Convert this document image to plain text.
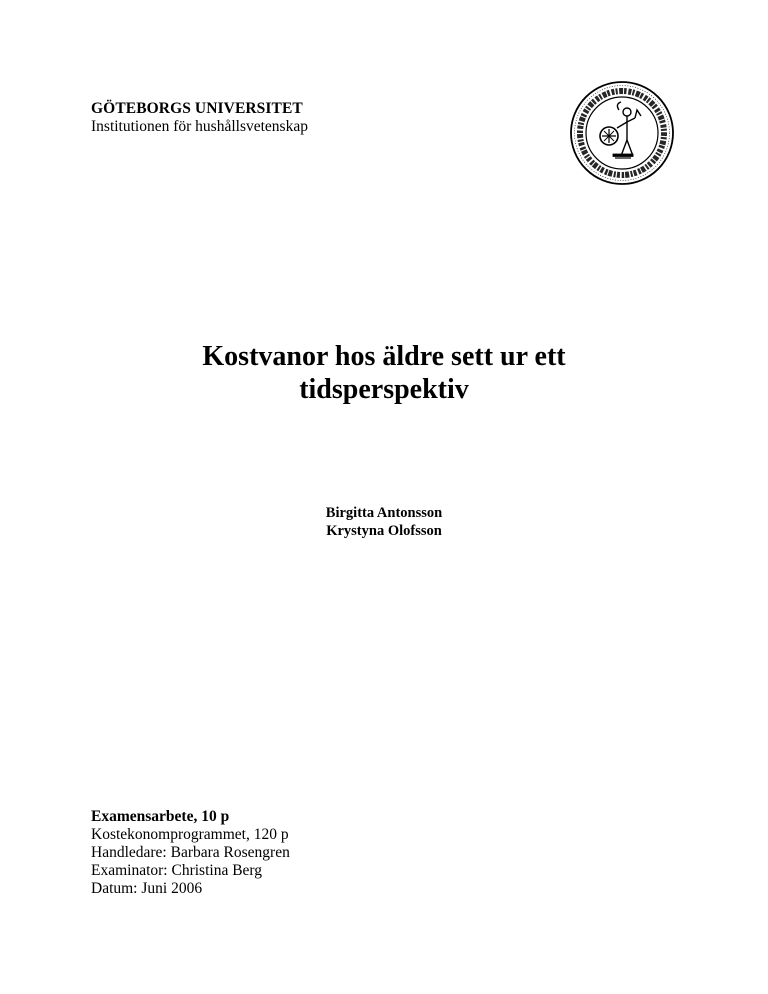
GÖTEBORGS UNIVERSITET
Institutionen för hushållsvetenskap
Kostvanor hos äldre sett ur ett
tidsperspektiv
Birgitta Antonsson
Krystyna Olofsson
Examensarbete, 10 p
Kostekonomprogrammet, 120 p
Handledare: Barbara Rosengren
Examinator: Christina Berg
Datum: Juni 2006
